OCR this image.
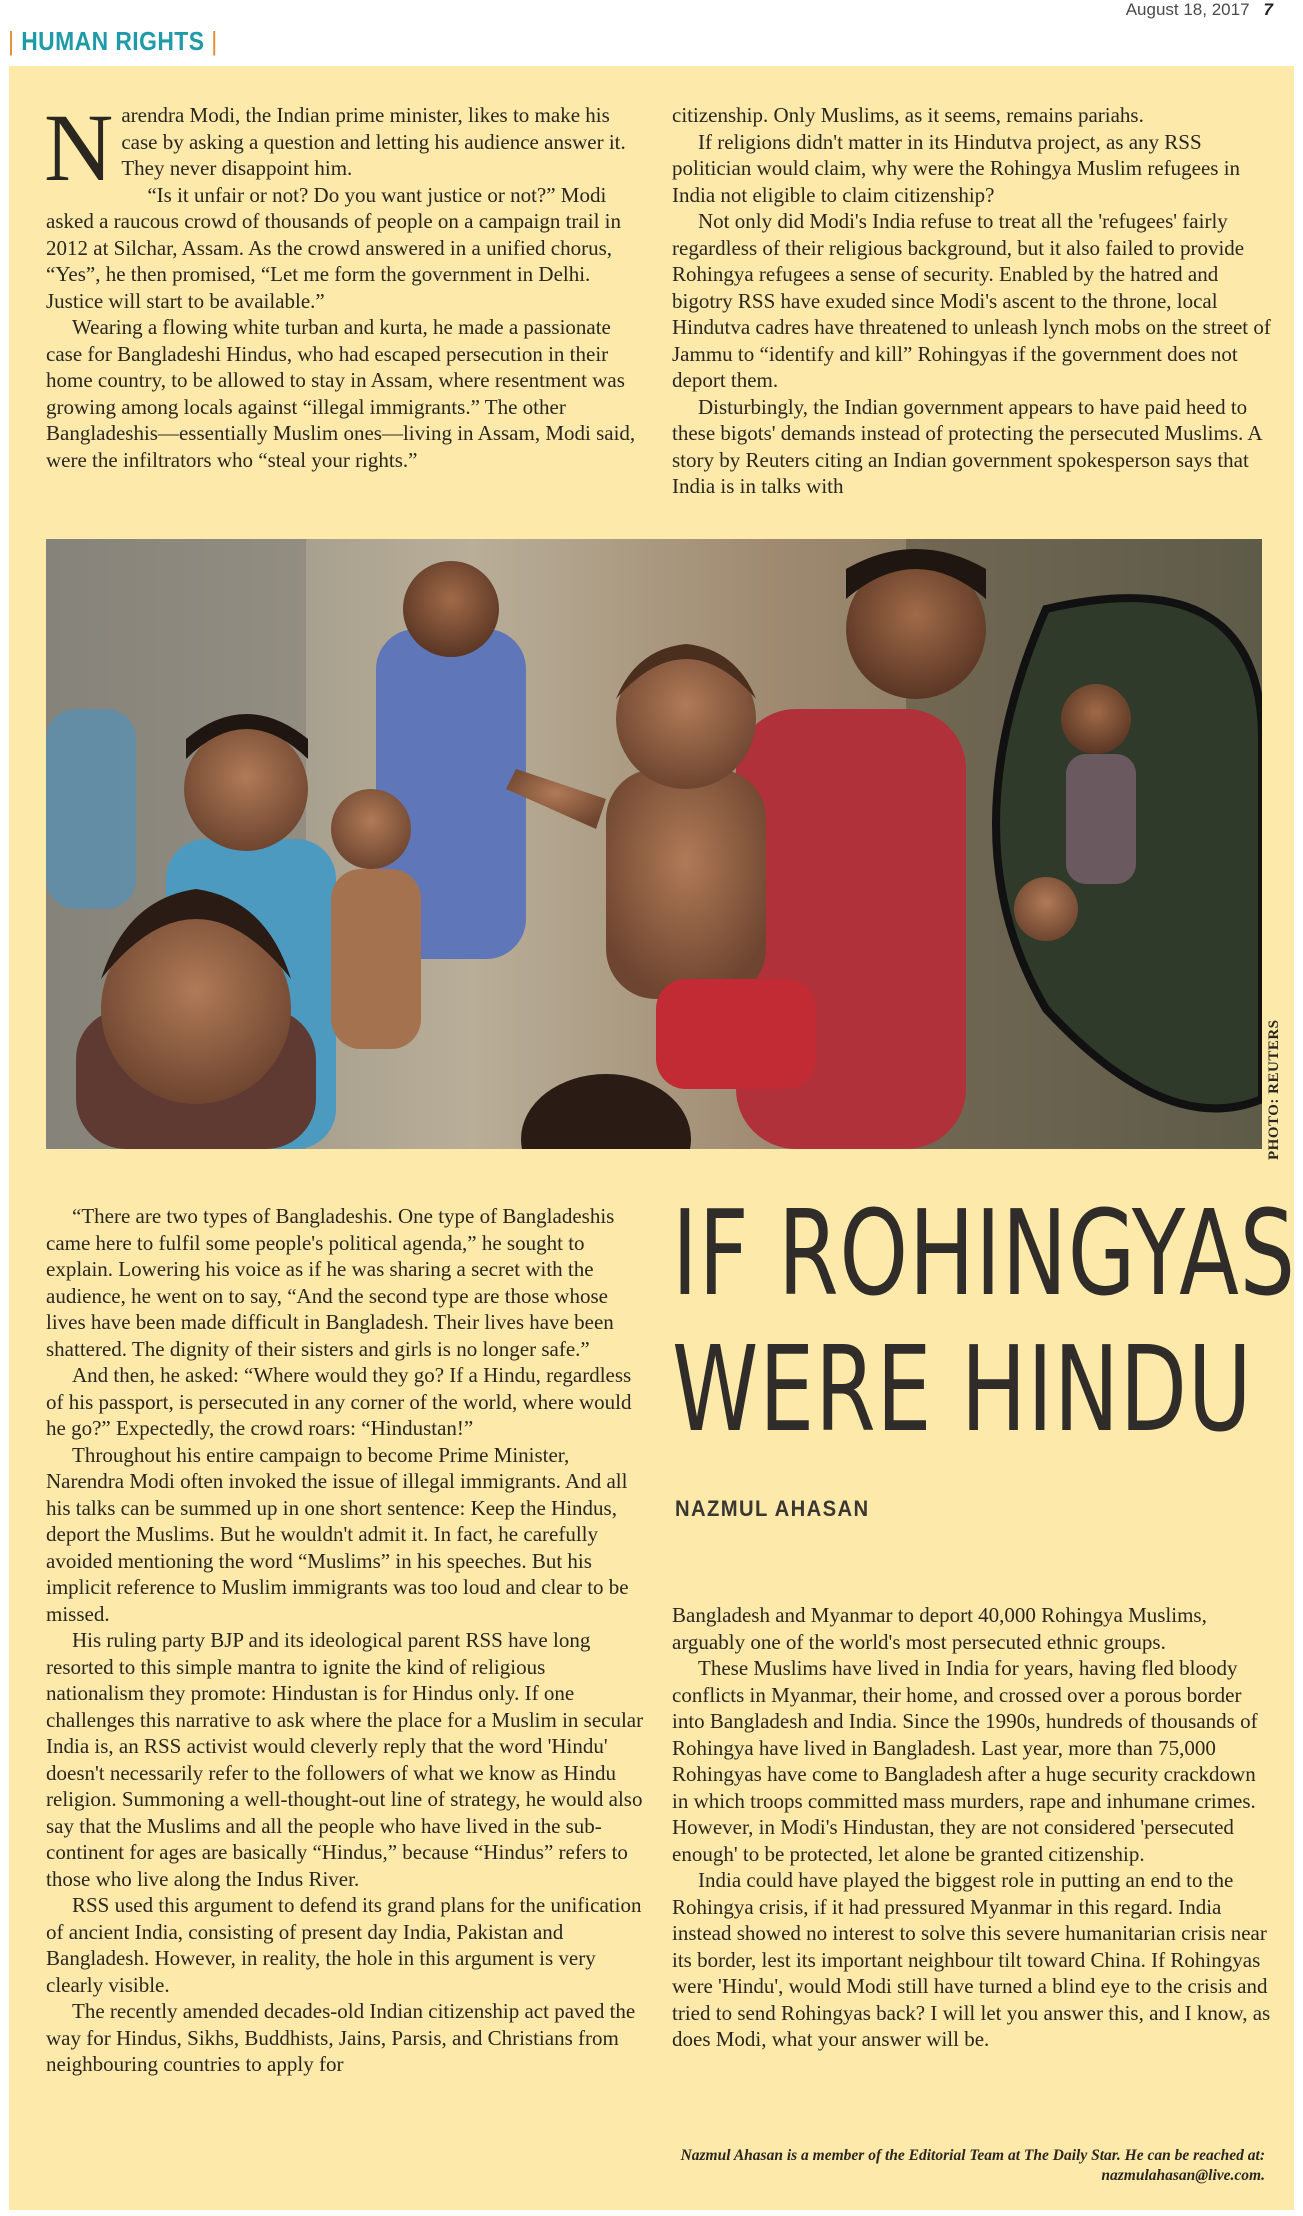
August 18, 2017 7
| HUMAN RIGHTS |

Narendra Modi, the Indian prime minister, likes to make his case by asking a question and letting his audience answer it. They never disappoint him.

“Is it unfair or not? Do you want justice or not?” Modi asked a raucous crowd of thousands of people on a campaign trail in 2012 at Silchar, Assam. As the crowd answered in a unified chorus, “Yes”, he then promised, “Let me form the government in Delhi. Justice will start to be available.”

Wearing a flowing white turban and kurta, he made a passionate case for Bangladeshi Hindus, who had escaped persecution in their home country, to be allowed to stay in Assam, where resentment was growing among locals against “illegal immigrants.” The other Bangladeshis—essentially Muslim ones—living in Assam, Modi said, were the infiltrators who “steal your rights.”

citizenship. Only Muslims, as it seems, remains pariahs.

If religions didn't matter in its Hindutva project, as any RSS politician would claim, why were the Rohingya Muslim refugees in India not eligible to claim citizenship?

Not only did Modi's India refuse to treat all the 'refugees' fairly regardless of their religious background, but it also failed to provide Rohingya refugees a sense of security. Enabled by the hatred and bigotry RSS have exuded since Modi's ascent to the throne, local Hindutva cadres have threatened to unleash lynch mobs on the street of Jammu to “identify and kill” Rohingyas if the government does not deport them.

Disturbingly, the Indian government appears to have paid heed to these bigots' demands instead of protecting the persecuted Muslims. A story by Reuters citing an Indian government spokesperson says that India is in talks with

PHOTO: REUTERS
IF ROHINGYAS
WERE HINDU
NAZMUL AHASAN

“There are two types of Bangladeshis. One type of Bangladeshis came here to fulfil some people's political agenda,” he sought to explain. Lowering his voice as if he was sharing a secret with the audience, he went on to say, “And the second type are those whose lives have been made difficult in Bangladesh. Their lives have been shattered. The dignity of their sisters and girls is no longer safe.”

And then, he asked: “Where would they go? If a Hindu, regardless of his passport, is persecuted in any corner of the world, where would he go?” Expectedly, the crowd roars: “Hindustan!”

Throughout his entire campaign to become Prime Minister, Narendra Modi often invoked the issue of illegal immigrants. And all his talks can be summed up in one short sentence: Keep the Hindus, deport the Muslims. But he wouldn't admit it. In fact, he carefully avoided mentioning the word “Muslims” in his speeches. But his implicit reference to Muslim immigrants was too loud and clear to be missed.

His ruling party BJP and its ideological parent RSS have long resorted to this simple mantra to ignite the kind of religious nationalism they promote: Hindustan is for Hindus only. If one challenges this narrative to ask where the place for a Muslim in secular India is, an RSS activist would cleverly reply that the word 'Hindu' doesn't necessarily refer to the followers of what we know as Hindu religion. Summoning a well-thought-out line of strategy, he would also say that the Muslims and all the people who have lived in the sub-continent for ages are basically “Hindus,” because “Hindus” refers to those who live along the Indus River.

RSS used this argument to defend its grand plans for the unification of ancient India, consisting of present day India, Pakistan and Bangladesh. However, in reality, the hole in this argument is very clearly visible.

The recently amended decades-old Indian citizenship act paved the way for Hindus, Sikhs, Buddhists, Jains, Parsis, and Christians from neighbouring countries to apply for

Bangladesh and Myanmar to deport 40,000 Rohingya Muslims, arguably one of the world's most persecuted ethnic groups.

These Muslims have lived in India for years, having fled bloody conflicts in Myanmar, their home, and crossed over a porous border into Bangladesh and India. Since the 1990s, hundreds of thousands of Rohingya have lived in Bangladesh. Last year, more than 75,000 Rohingyas have come to Bangladesh after a huge security crackdown in which troops committed mass murders, rape and inhumane crimes. However, in Modi's Hindustan, they are not considered 'persecuted enough' to be protected, let alone be granted citizenship.

India could have played the biggest role in putting an end to the Rohingya crisis, if it had pressured Myanmar in this regard. India instead showed no interest to solve this severe humanitarian crisis near its border, lest its important neighbour tilt toward China. If Rohingyas were 'Hindu', would Modi still have turned a blind eye to the crisis and tried to send Rohingyas back? I will let you answer this, and I know, as does Modi, what your answer will be.

Nazmul Ahasan is a member of the Editorial Team at The Daily Star. He can be reached at: nazmulahasan@live.com.
